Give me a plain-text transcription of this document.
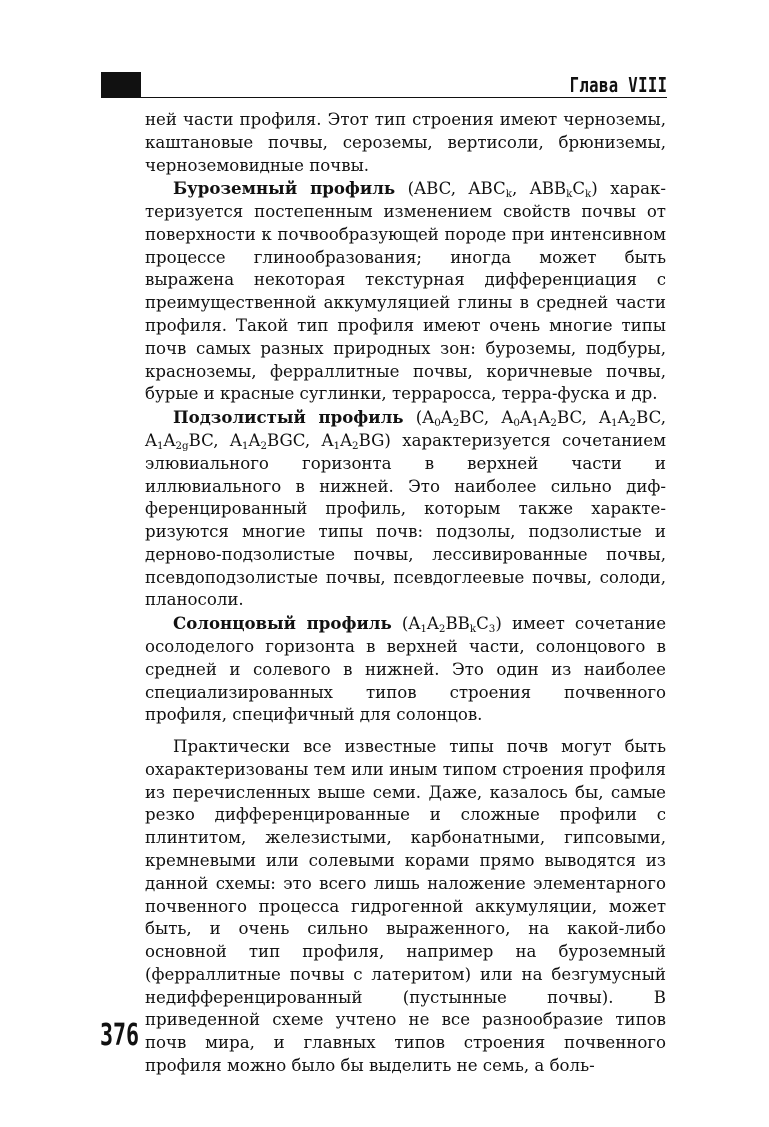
Глава VIII

ней части профиля. Этот тип строения имеют черноземы, каштановые почвы, сероземы, вертисоли, брюниземы, черноземовидные почвы.

Буроземный профиль (ABC, $ABC_k$, $ABB_kC_k$) характеризуется постепенным изменением свойств почвы от поверхности к почвообразующей породе при интенсивном процессе глинообразования; иногда может быть выражена некоторая текстурная дифференциация с преимущественной аккумуляцией глины в средней части профиля. Такой тип профиля имеют очень многие типы почв самых разных природных зон: буроземы, подбуры, красноземы, ферраллитные почвы, коричневые почвы, бурые и красные суглинки, терраросса, терра-фуска и др.

Подзолистый профиль ($A_0A_2BC$, $A_0A_1A_2BC$, $A_1A_2BC$, $A_1A_{2g}BC$, $A_1A_2BGC$, $A_1A_2BG$) характеризуется сочетанием элювиального горизонта в верхней части и иллювиального в нижней. Это наиболее сильно дифференцированный профиль, которым также характеризуются многие типы почв: подзолы, подзолистые и дерново-подзолистые почвы, лессивированные почвы, псевдоподзолистые почвы, псевдоглеевые почвы, солоди, планосоли.

Солонцовый профиль $(A_1A_2BB_kC_3)$ имеет сочетание осолоделого горизонта в верхней части, солонцового в средней и солевого в нижней. Это один из наиболее специализированных типов строения почвенного профиля, специфичный для солонцов.

Практически все известные типы почв могут быть охарактеризованы тем или иным типом строения профиля из перечисленных выше семи. Даже, казалось бы, самые резко дифференцированные и сложные профили с плинтитом, железистыми, карбонатными, гипсовыми, кремневыми или солевыми корами прямо выводятся из данной схемы: это всего лишь наложение элементарного почвенного процесса гидрогенной аккумуляции, может быть, и очень сильно выраженного, на какой-либо основной тип профиля, например на буроземный (ферраллитные почвы с латеритом) или на безгумусный недифференцированный (пустынные почвы). В приведенной схеме учтено не все разнообразие типов почв мира, и главных типов строения почвенного профиля можно было бы выделить не семь, а боль-

376
